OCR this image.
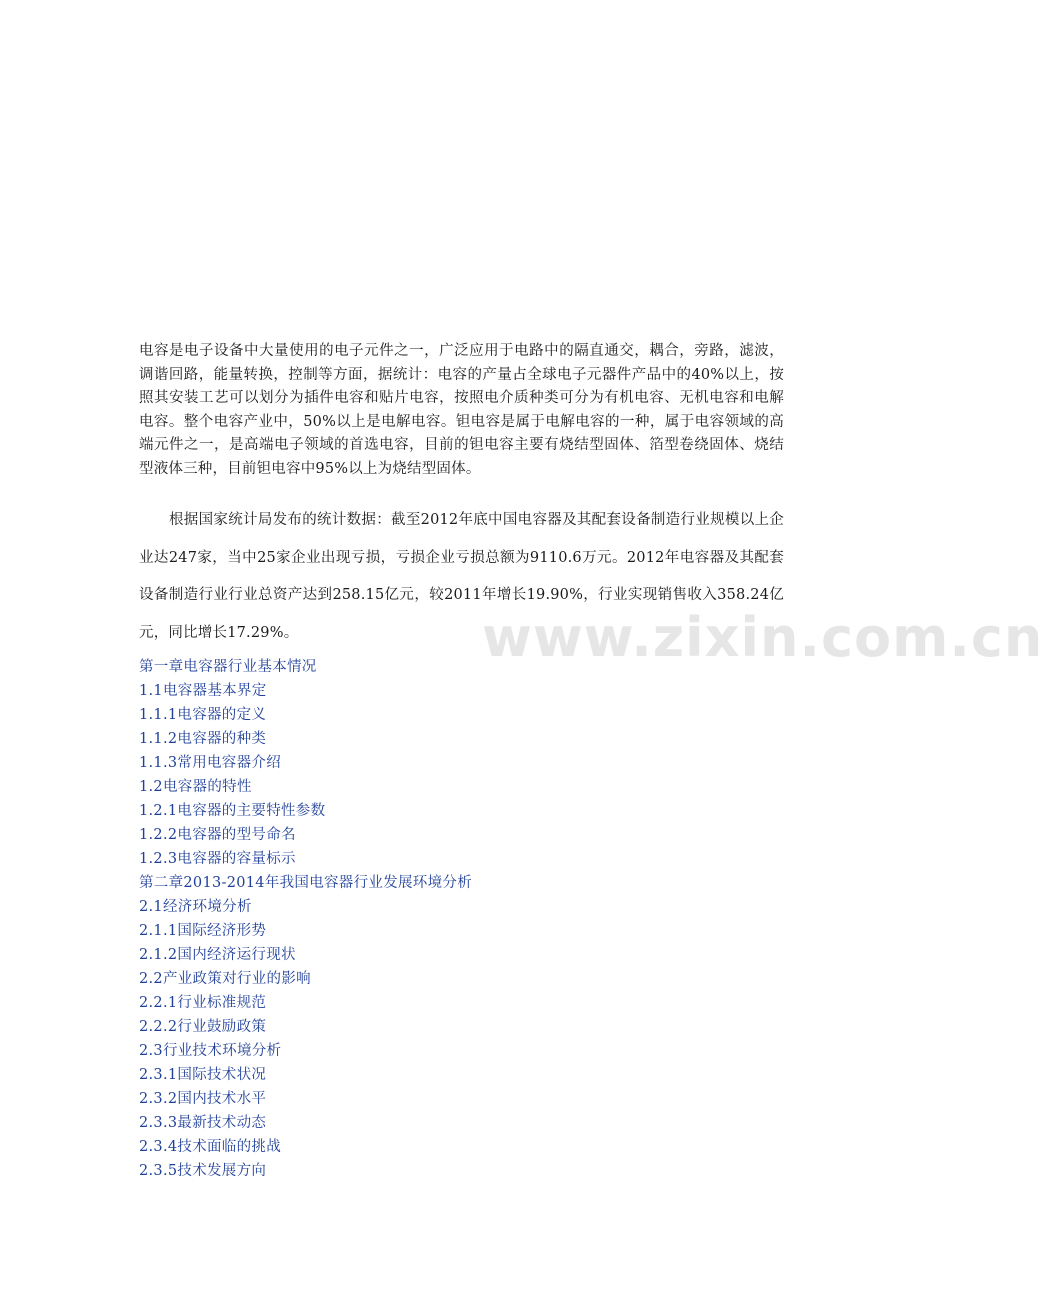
www.zixin.com.cn

电容是电子设备中大量使用的电子元件之一，广泛应用于电路中的隔直通交，耦合，旁路，滤波，调谐回路，能量转换，控制等方面，据统计：电容的产量占全球电子元器件产品中的40%以上，按照其安装工艺可以划分为插件电容和贴片电容，按照电介质种类可分为有机电容、无机电容和电解电容。整个电容产业中，50%以上是电解电容。钽电容是属于电解电容的一种，属于电容领域的高端元件之一，是高端电子领域的首选电容，目前的钽电容主要有烧结型固体、箔型卷绕固体、烧结型液体三种，目前钽电容中95%以上为烧结型固体。

根据国家统计局发布的统计数据：截至2012年底中国电容器及其配套设备制造行业规模以上企业达247家，当中25家企业出现亏损，亏损企业亏损总额为9110.6万元。2012年电容器及其配套设备制造行业行业总资产达到258.15亿元，较2011年增长19.90%，行业实现销售收入358.24亿元，同比增长17.29%。

第一章电容器行业基本情况
1.1电容器基本界定
1.1.1电容器的定义
1.1.2电容器的种类
1.1.3常用电容器介绍
1.2电容器的特性
1.2.1电容器的主要特性参数
1.2.2电容器的型号命名
1.2.3电容器的容量标示
第二章2013-2014年我国电容器行业发展环境分析
2.1经济环境分析
2.1.1国际经济形势
2.1.2国内经济运行现状
2.2产业政策对行业的影响
2.2.1行业标准规范
2.2.2行业鼓励政策
2.3行业技术环境分析
2.3.1国际技术状况
2.3.2国内技术水平
2.3.3最新技术动态
2.3.4技术面临的挑战
2.3.5技术发展方向
